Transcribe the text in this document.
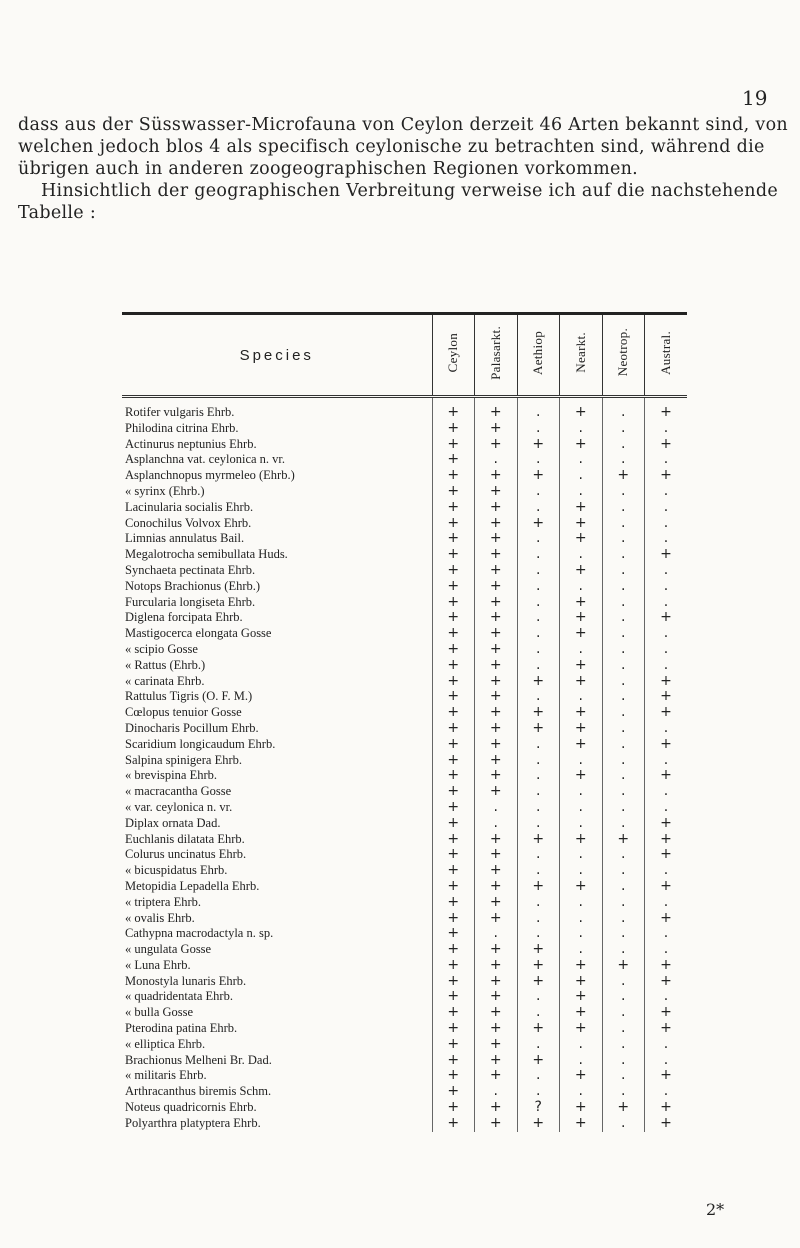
19

dass aus der Süsswasser-Microfauna von Ceylon derzeit 46 Arten bekannt sind, von welchen jedoch blos 4 als specifisch ceylonische zu betrachten sind, während die übrigen auch in anderen zoogeographischen Regionen vorkommen.

Hinsichtlich der geographischen Verbreitung verweise ich auf die nachstehende Tabelle :

Species	Ceylon	Palasarkt.	Aethiop	Nearkt.	Neotrop.	Austral.

Rotifer vulgaris Ehrb.	+	+	.	+	.	+
Philodina citrina Ehrb.	+	+	.	.	.	.
Actinurus neptunius Ehrb.	+	+	+	+	.	+
Asplanchna vat. ceylonica n. vr.	+	.	.	.	.	.
Asplanchnopus myrmeleo (Ehrb.)	+	+	+	.	+	+
« syrinx (Ehrb.)	+	+	.	.	.	.
Lacinularia socialis Ehrb.	+	+	.	+	.	.
Conochilus Volvox Ehrb.	+	+	+	+	.	.
Limnias annulatus Bail.	+	+	.	+	.	.
Megalotrocha semibullata Huds.	+	+	.	.	.	+
Synchaeta pectinata Ehrb.	+	+	.	+	.	.
Notops Brachionus (Ehrb.)	+	+	.	.	.	.
Furcularia longiseta Ehrb.	+	+	.	+	.	.
Diglena forcipata Ehrb.	+	+	.	+	.	+
Mastigocerca elongata Gosse	+	+	.	+	.	.
« scipio Gosse	+	+	.	.	.	.
« Rattus (Ehrb.)	+	+	.	+	.	.
« carinata Ehrb.	+	+	+	+	.	+
Rattulus Tigris (O. F. M.)	+	+	.	.	.	+
Cœlopus tenuior Gosse	+	+	+	+	.	+
Dinocharis Pocillum Ehrb.	+	+	+	+	.	.
Scaridium longicaudum Ehrb.	+	+	.	+	.	+
Salpina spinigera Ehrb.	+	+	.	.	.	.
« brevispina Ehrb.	+	+	.	+	.	+
« macracantha Gosse	+	+	.	.	.	.
« var. ceylonica n. vr.	+	.	.	.	.	.
Diplax ornata Dad.	+	.	.	.	.	+
Euchlanis dilatata Ehrb.	+	+	+	+	+	+
Colurus uncinatus Ehrb.	+	+	.	.	.	+
« bicuspidatus Ehrb.	+	+	.	.	.	.
Metopidia Lepadella Ehrb.	+	+	+	+	.	+
« triptera Ehrb.	+	+	.	.	.	.
« ovalis Ehrb.	+	+	.	.	.	+
Cathypna macrodactyla n. sp.	+	.	.	.	.	.
« ungulata Gosse	+	+	+	.	.	.
« Luna Ehrb.	+	+	+	+	+	+
Monostyla lunaris Ehrb.	+	+	+	+	.	+
« quadridentata Ehrb.	+	+	.	+	.	.
« bulla Gosse	+	+	.	+	.	+
Pterodina patina Ehrb.	+	+	+	+	.	+
« elliptica Ehrb.	+	+	.	.	.	.
Brachionus Melheni Br. Dad.	+	+	+	.	.	.
« militaris Ehrb.	+	+	.	+	.	+
Arthracanthus biremis Schm.	+	.	.	.	.	.
Noteus quadricornis Ehrb.	+	+	?	+	+	+
Polyarthra platyptera Ehrb.	+	+	+	+	.	+
2*
